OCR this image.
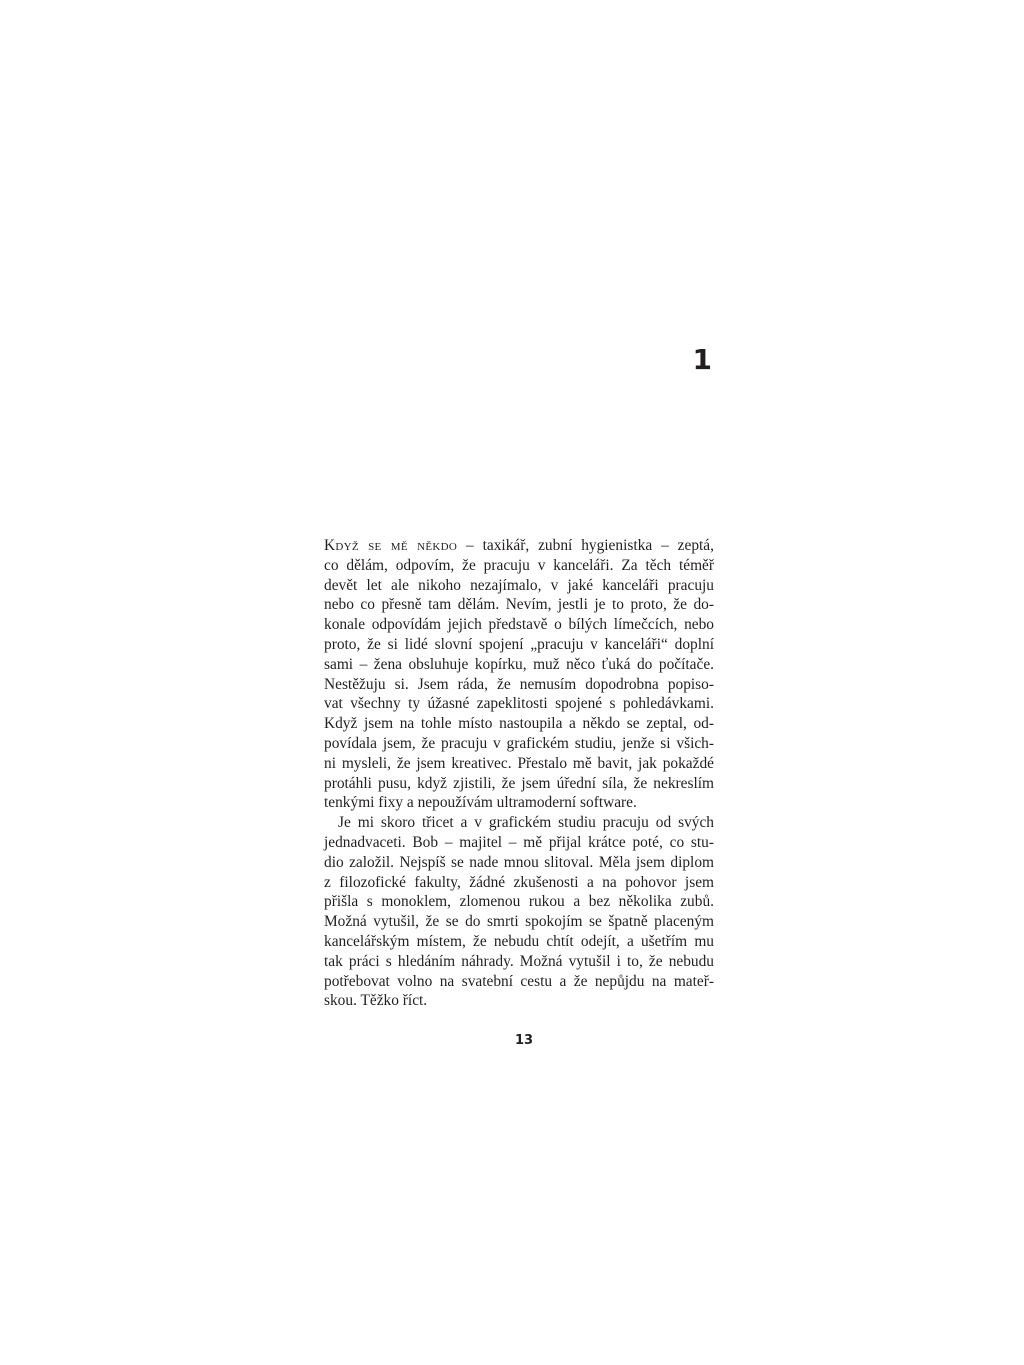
1
Když se mě někdo – taxikář, zubní hygienistka – zeptá,
co dělám, odpovím, že pracuju v kanceláři. Za těch téměř
devět let ale nikoho nezajímalo, v jaké kanceláři pracuju
nebo co přesně tam dělám. Nevím, jestli je to proto, že do-
konale odpovídám jejich představě o bílých límečcích, nebo
proto, že si lidé slovní spojení „pracuju v kanceláři“ doplní
sami – žena obsluhuje kopírku, muž něco ťuká do počítače.
Nestěžuju si. Jsem ráda, že nemusím dopodrobna popiso-
vat všechny ty úžasné zapeklitosti spojené s pohledávkami.
Když jsem na tohle místo nastoupila a někdo se zeptal, od-
povídala jsem, že pracuju v grafickém studiu, jenže si všich-
ni mysleli, že jsem kreativec. Přestalo mě bavit, jak pokaždé
protáhli pusu, když zjistili, že jsem úřední síla, že nekreslím
tenkými fixy a nepoužívám ultramoderní software.
Je mi skoro třicet a v grafickém studiu pracuju od svých
jednadvaceti. Bob – majitel – mě přijal krátce poté, co stu-
dio založil. Nejspíš se nade mnou slitoval. Měla jsem diplom
z filozofické fakulty, žádné zkušenosti a na pohovor jsem
přišla s monoklem, zlomenou rukou a bez několika zubů.
Možná vytušil, že se do smrti spokojím se špatně placeným
kancelářským místem, že nebudu chtít odejít, a ušetřím mu
tak práci s hledáním náhrady. Možná vytušil i to, že nebudu
potřebovat volno na svatební cestu a že nepůjdu na mateř-
skou. Těžko říct.
13
